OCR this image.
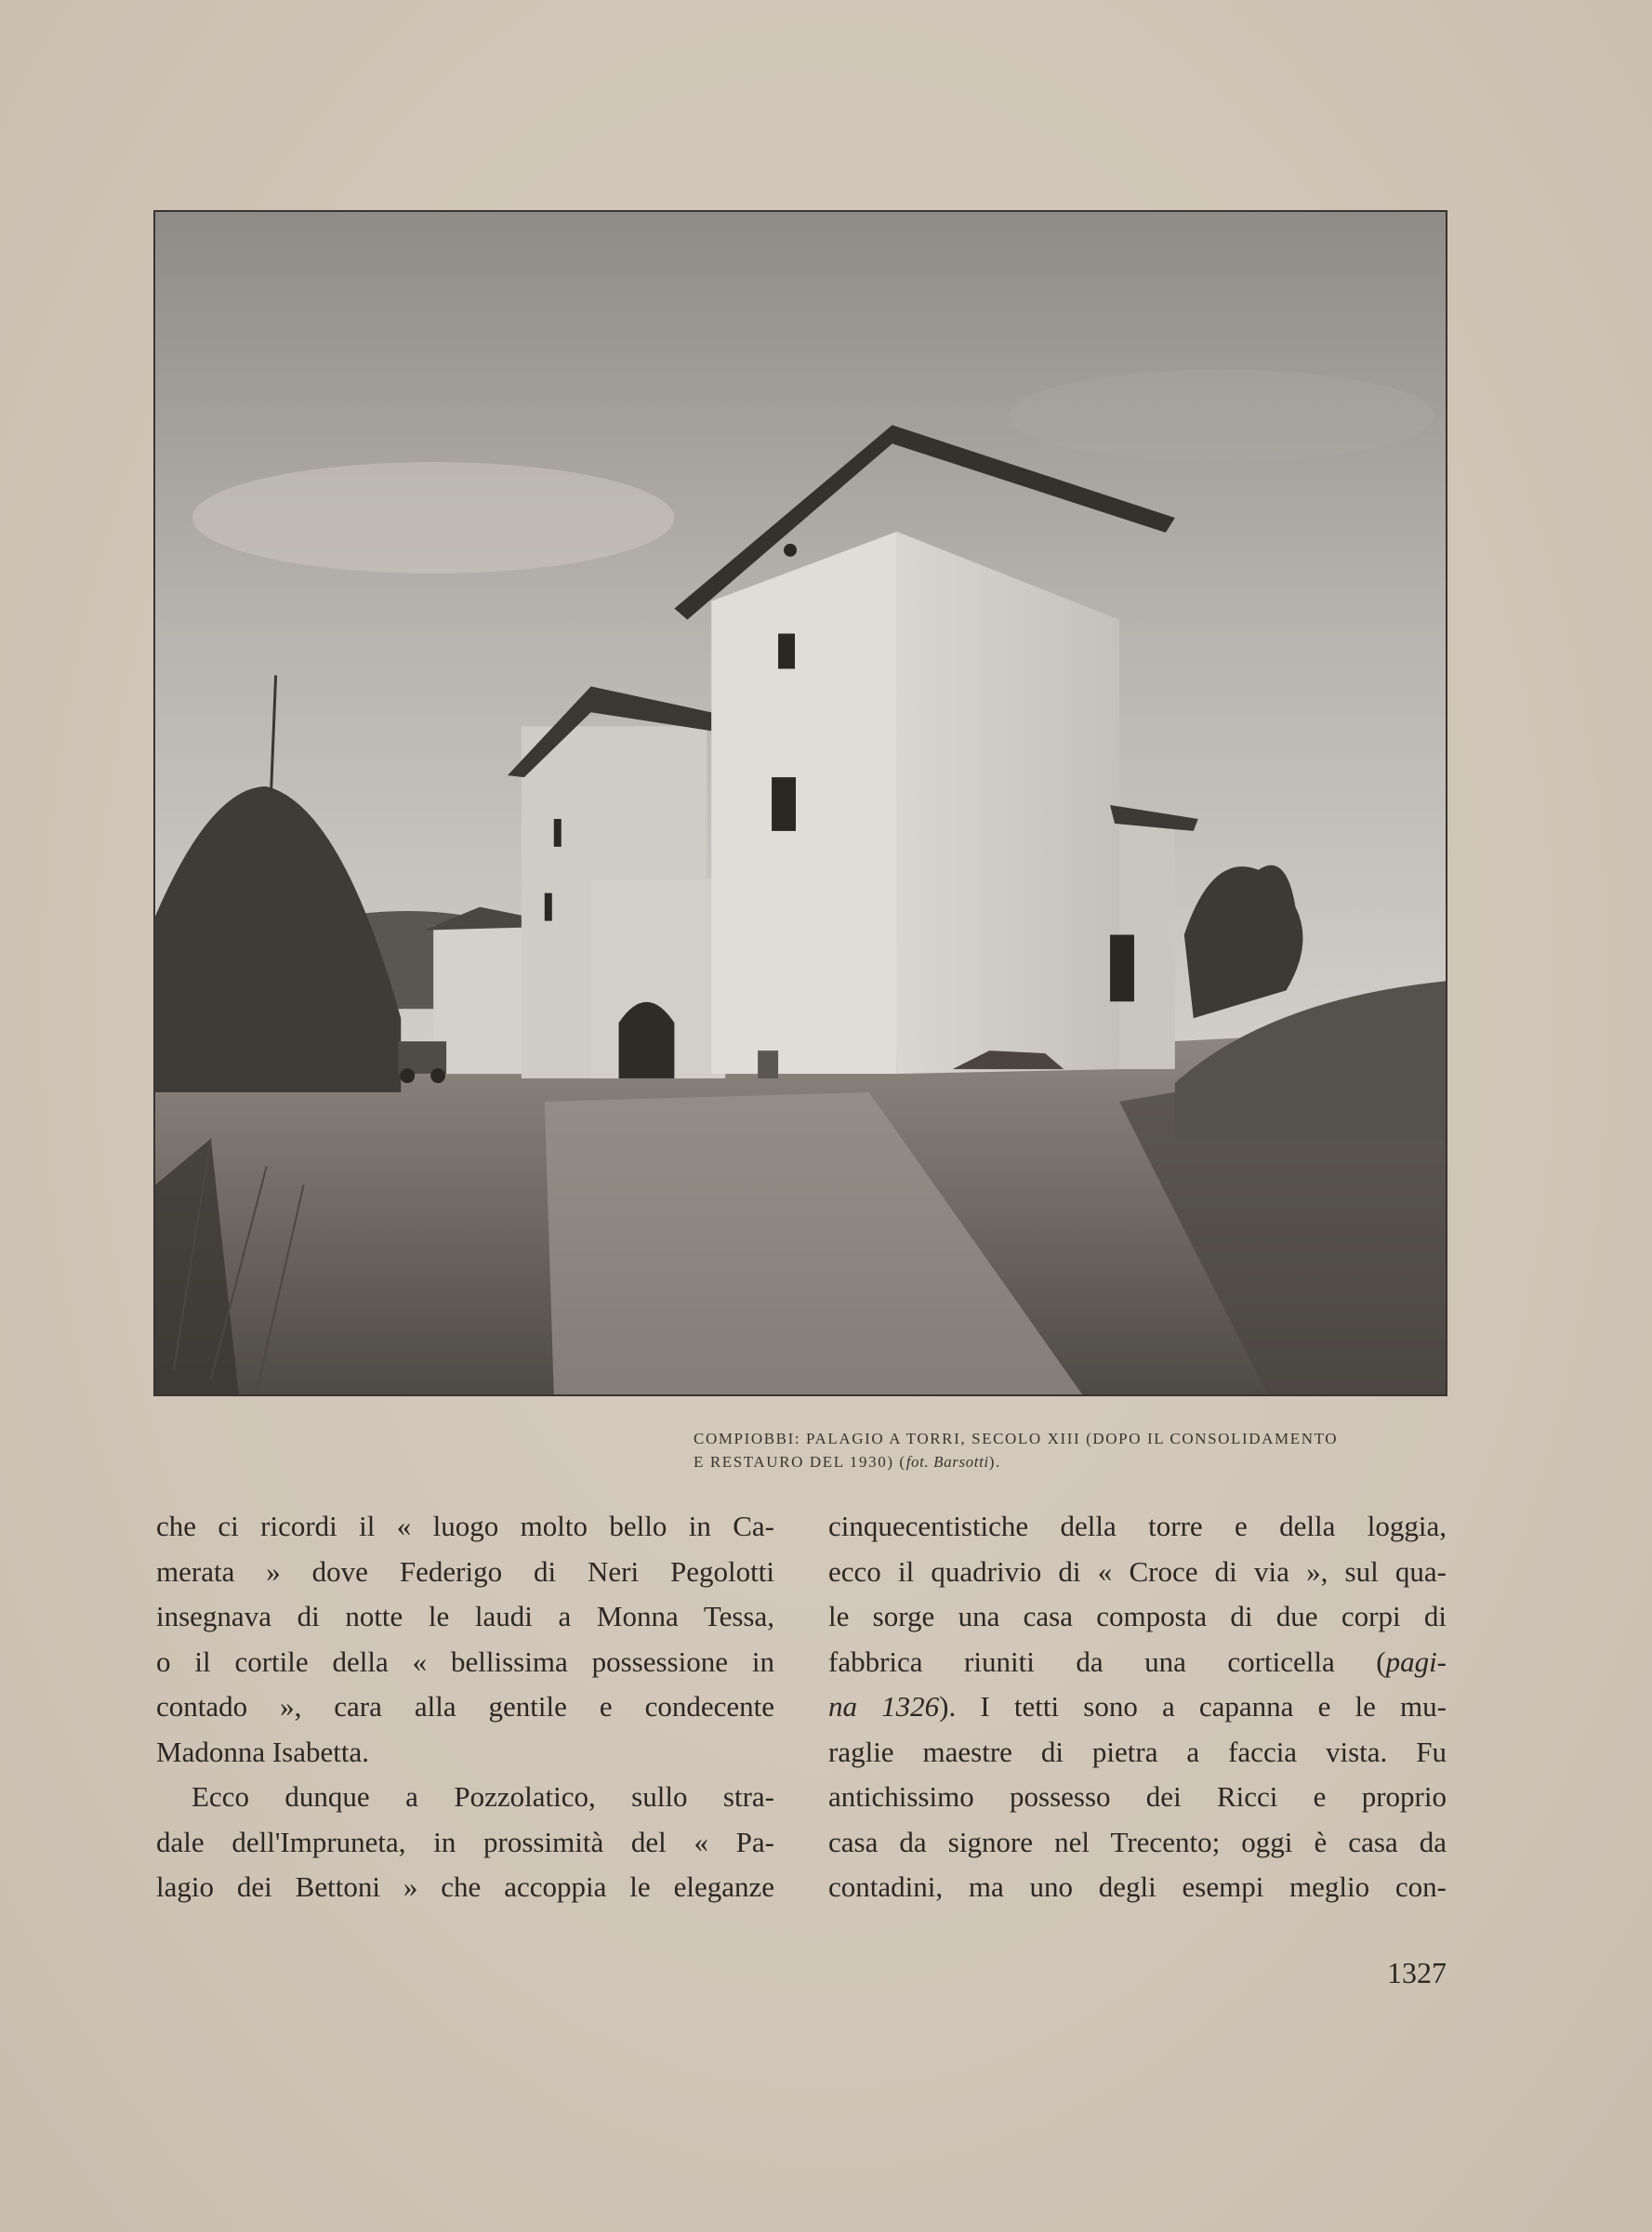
COMPIOBBI: PALAGIO A TORRI, SECOLO XIII (DOPO IL CONSOLIDAMENTO
E RESTAURO DEL 1930) (fot. Barsotti).
che ci ricordi il « luogo molto bello in Ca-
merata » dove Federigo di Neri Pegolotti
insegnava di notte le laudi a Monna Tessa,
o il cortile della « bellissima possessione in
contado », cara alla gentile e condecente
Madonna Isabetta.
Ecco dunque a Pozzolatico, sullo stra-
dale dell'Impruneta, in prossimità del « Pa-
lagio dei Bettoni » che accoppia le eleganze
cinquecentistiche della torre e della loggia,
ecco il quadrivio di « Croce di via », sul qua-
le sorge una casa composta di due corpi di
fabbrica riuniti da una corticella (pagi-
na 1326). I tetti sono a capanna e le mu-
raglie maestre di pietra a faccia vista. Fu
antichissimo possesso dei Ricci e proprio
casa da signore nel Trecento; oggi è casa da
contadini, ma uno degli esempi meglio con-
1327
